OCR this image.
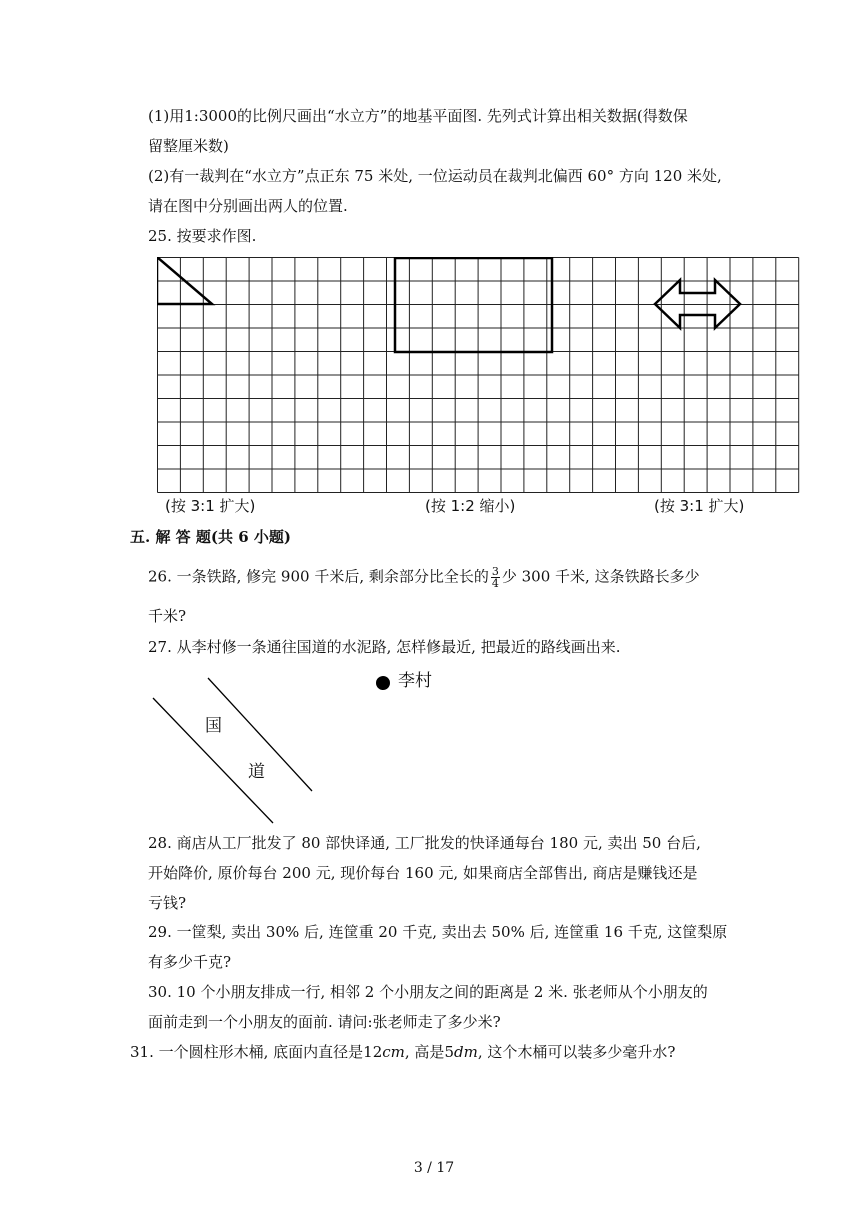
(1)用1:3000的比例尺画出“水立方”的地基平面图. 先列式计算出相关数据(得数保
留整厘米数)
(2)有一裁判在“水立方”点正东 75 米处, 一位运动员在裁判北偏西 60° 方向 120 米处,
请在图中分别画出两人的位置.
25. 按要求作图.
(按 3:1 扩大)	(按 1:2 缩小)	(按 3:1 扩大)
五. 解 答 题(共 6 小题)
26. 一条铁路, 修完 900 千米后, 剩余部分比全长的 $\frac{3}{4}$ 少 300 千米, 这条铁路长多少
千米?
27. 从李村修一条通往国道的水泥路, 怎样修最近, 把最近的路线画出来.
李村
国
道
28. 商店从工厂批发了 80 部快译通, 工厂批发的快译通每台 180 元, 卖出 50 台后,
开始降价, 原价每台 200 元, 现价每台 160 元, 如果商店全部售出, 商店是赚钱还是
亏钱?
29. 一筐梨, 卖出 30% 后, 连筐重 20 千克, 卖出去 50% 后, 连筐重 16 千克, 这筐梨原
有多少千克?
30. 10 个小朋友排成一行, 相邻 2 个小朋友之间的距离是 2 米. 张老师从个小朋友的
面前走到一个小朋友的面前. 请问:张老师走了多少米?
31. 一个圆柱形木桶, 底面内直径是12cm, 高是5dm, 这个木桶可以装多少毫升水?
3 / 17
